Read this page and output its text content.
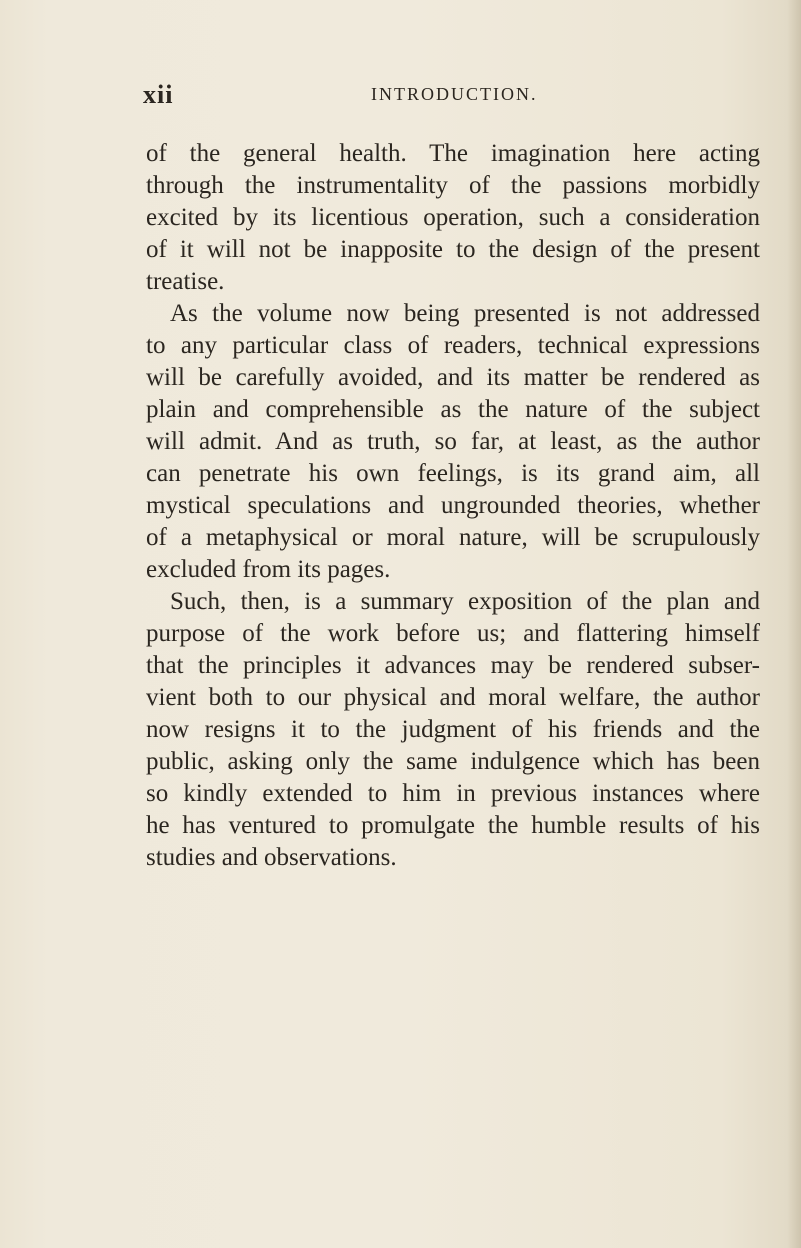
xii	INTRODUCTION.
of the general health. The imagination here acting
through the instrumentality of the passions morbidly
excited by its licentious operation, such a consideration
of it will not be inapposite to the design of the present
treatise.
As the volume now being presented is not addressed
to any particular class of readers, technical expressions
will be carefully avoided, and its matter be rendered as
plain and comprehensible as the nature of the subject
will admit. And as truth, so far, at least, as the author
can penetrate his own feelings, is its grand aim, all
mystical speculations and ungrounded theories, whether
of a metaphysical or moral nature, will be scrupulously
excluded from its pages.
Such, then, is a summary exposition of the plan and
purpose of the work before us; and flattering himself
that the principles it advances may be rendered subser-
vient both to our physical and moral welfare, the author
now resigns it to the judgment of his friends and the
public, asking only the same indulgence which has been
so kindly extended to him in previous instances where
he has ventured to promulgate the humble results of his
studies and observations.
